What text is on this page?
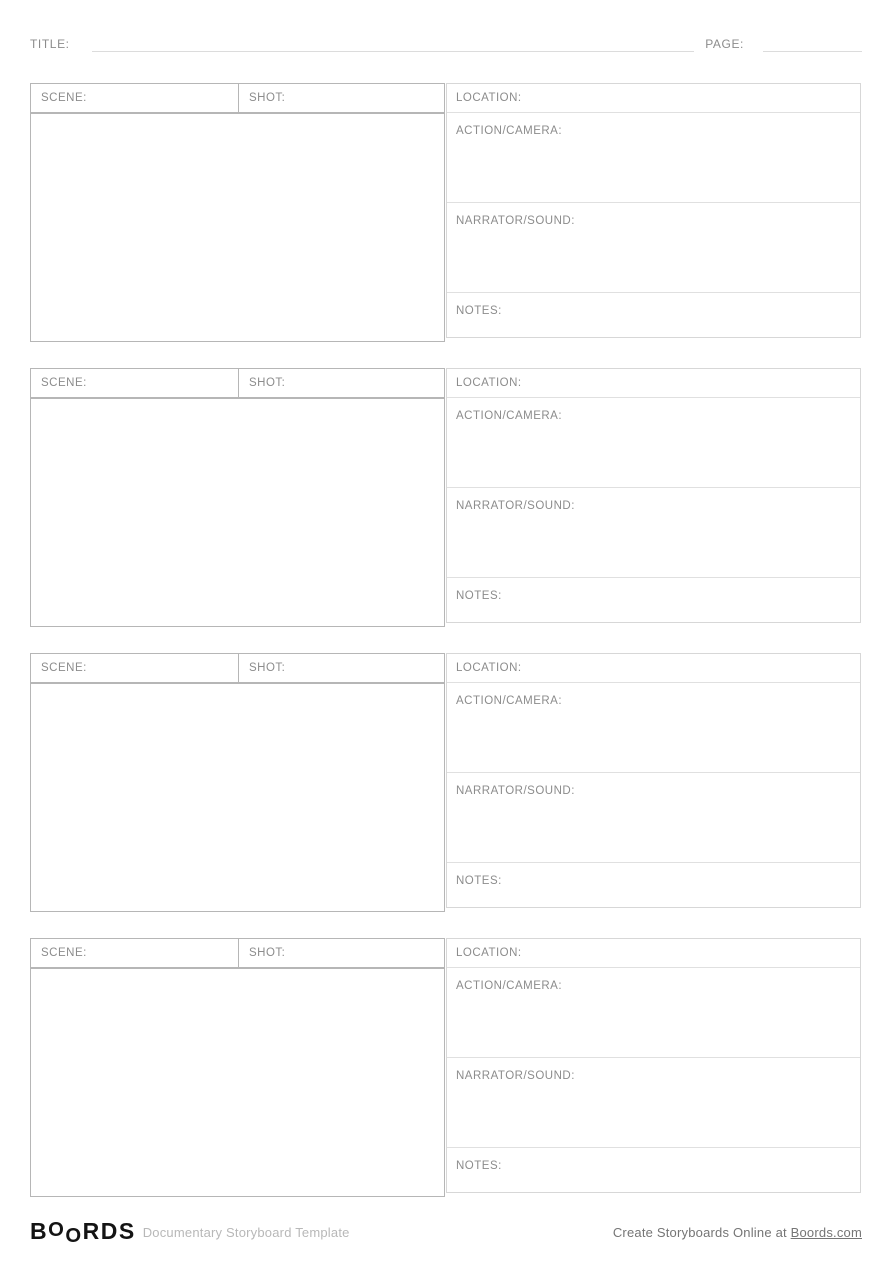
TITLE:	PAGE:
SCENE:	SHOT:	LOCATION:
ACTION/CAMERA:
NARRATOR/SOUND:
NOTES:
SCENE:	SHOT:	LOCATION:
ACTION/CAMERA:
NARRATOR/SOUND:
NOTES:
SCENE:	SHOT:	LOCATION:
ACTION/CAMERA:
NARRATOR/SOUND:
NOTES:
SCENE:	SHOT:	LOCATION:
ACTION/CAMERA:
NARRATOR/SOUND:
NOTES:
BOORDS Documentary Storyboard Template	Create Storyboards Online at Boords.com
